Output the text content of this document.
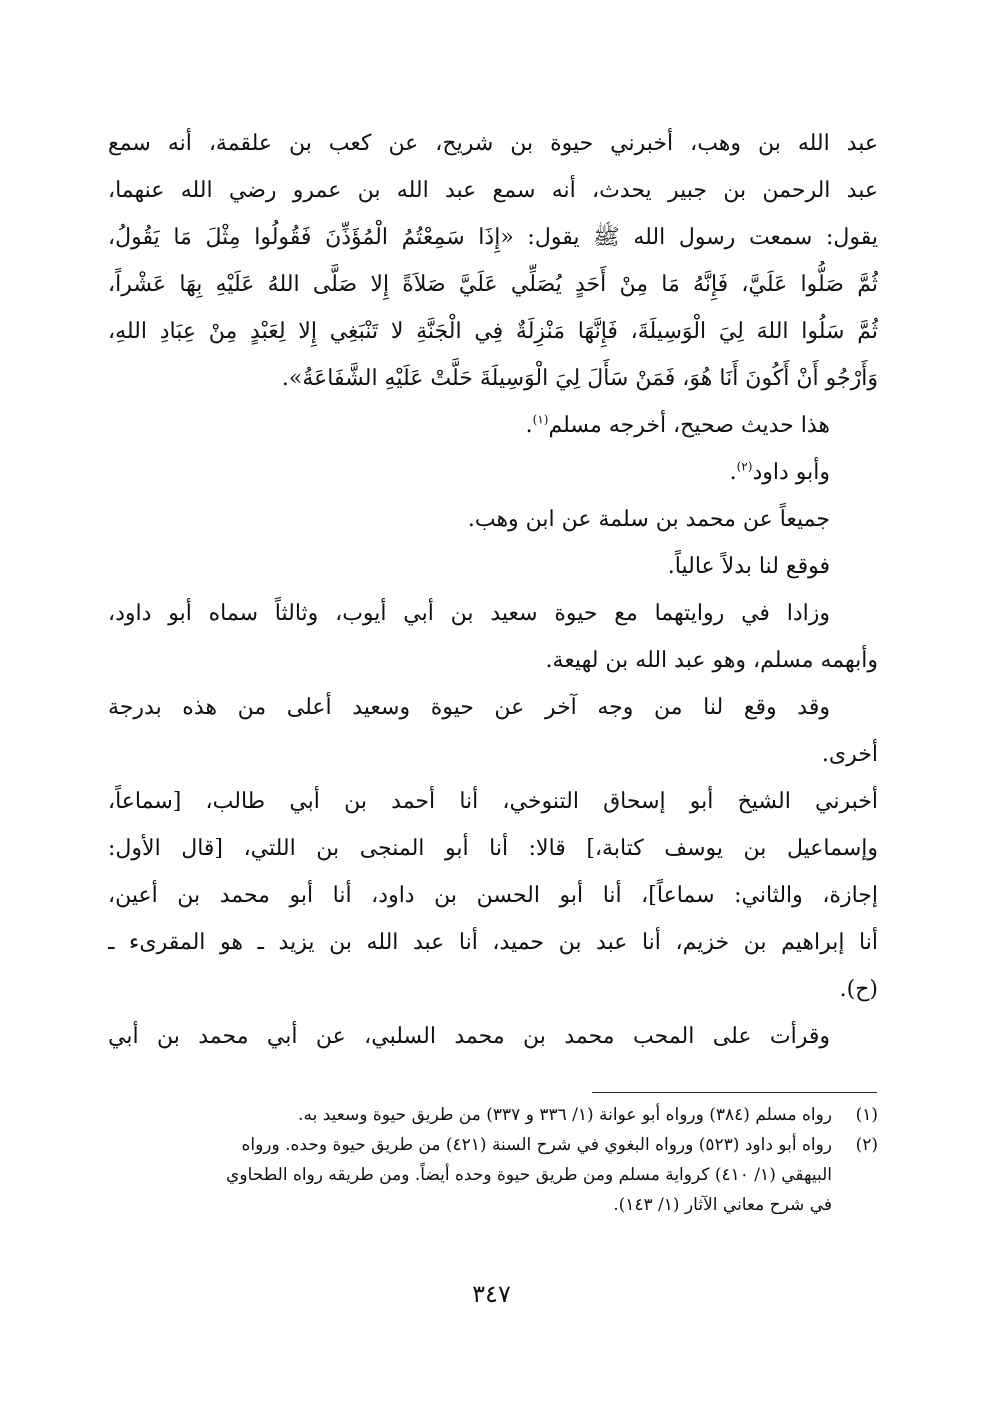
عبد الله بن وهب، أخبرني حيوة بن شريح، عن كعب بن علقمة، أنه سمع
عبد الرحمن بن جبير يحدث، أنه سمع عبد الله بن عمرو رضي الله عنهما،
يقول: سمعت رسول الله ﷺ يقول: «إِذَا سَمِعْتُمُ الْمُؤَذِّنَ فَقُولُوا مِثْلَ مَا يَقُولُ،
ثُمَّ صَلُّوا عَلَيَّ، فَإِنَّهُ مَا مِنْ أَحَدٍ يُصَلِّي عَلَيَّ صَلاَةً إِلا صَلَّى اللهُ عَلَيْهِ بِهَا عَشْراً،
ثُمَّ سَلُوا اللهَ لِيَ الْوَسِيلَةَ، فَإِنَّهَا مَنْزِلَةٌ فِي الْجَنَّةِ لا تَنْبَغِي إِلا لِعَبْدٍ مِنْ عِبَادِ اللهِ،
وَأَرْجُو أَنْ أَكُونَ أَنَا هُوَ، فَمَنْ سَأَلَ لِيَ الْوَسِيلَةَ حَلَّتْ عَلَيْهِ الشَّفَاعَةُ».
هذا حديث صحيح، أخرجه مسلم$^{(١)}$.
وأبو داود$^{(٢)}$.
جميعاً عن محمد بن سلمة عن ابن وهب.
فوقع لنا بدلاً عالياً.
وزادا في روايتهما مع حيوة سعيد بن أبي أيوب، وثالثاً سماه أبو داود،
وأبهمه مسلم، وهو عبد الله بن لهيعة.
وقد وقع لنا من وجه آخر عن حيوة وسعيد أعلى من هذه بدرجة
أخرى.
أخبرني الشيخ أبو إسحاق التنوخي، أنا أحمد بن أبي طالب، [سماعاً،
وإسماعيل بن يوسف كتابة،] قالا: أنا أبو المنجى بن اللتي، [قال الأول:
إجازة، والثاني: سماعاً]، أنا أبو الحسن بن داود، أنا أبو محمد بن أعين،
أنا إبراهيم بن خزيم، أنا عبد بن حميد، أنا عبد الله بن يزيد ـ هو المقرىء ـ
(ح).
وقرأت على المحب محمد بن محمد السلبي، عن أبي محمد بن أبي
(١)رواه مسلم (٣٨٤) ورواه أبو عوانة (١/ ٣٣٦ و ٣٣٧) من طريق حيوة وسعيد به.
(٢)رواه أبو داود (٥٢٣) ورواه البغوي في شرح السنة (٤٢١) من طريق حيوة وحده. ورواه
البيهقي (١/ ٤١٠) كرواية مسلم ومن طريق حيوة وحده أيضاً. ومن طريقه رواه الطحاوي
في شرح معاني الآثار (١/ ١٤٣).
٣٤٧
